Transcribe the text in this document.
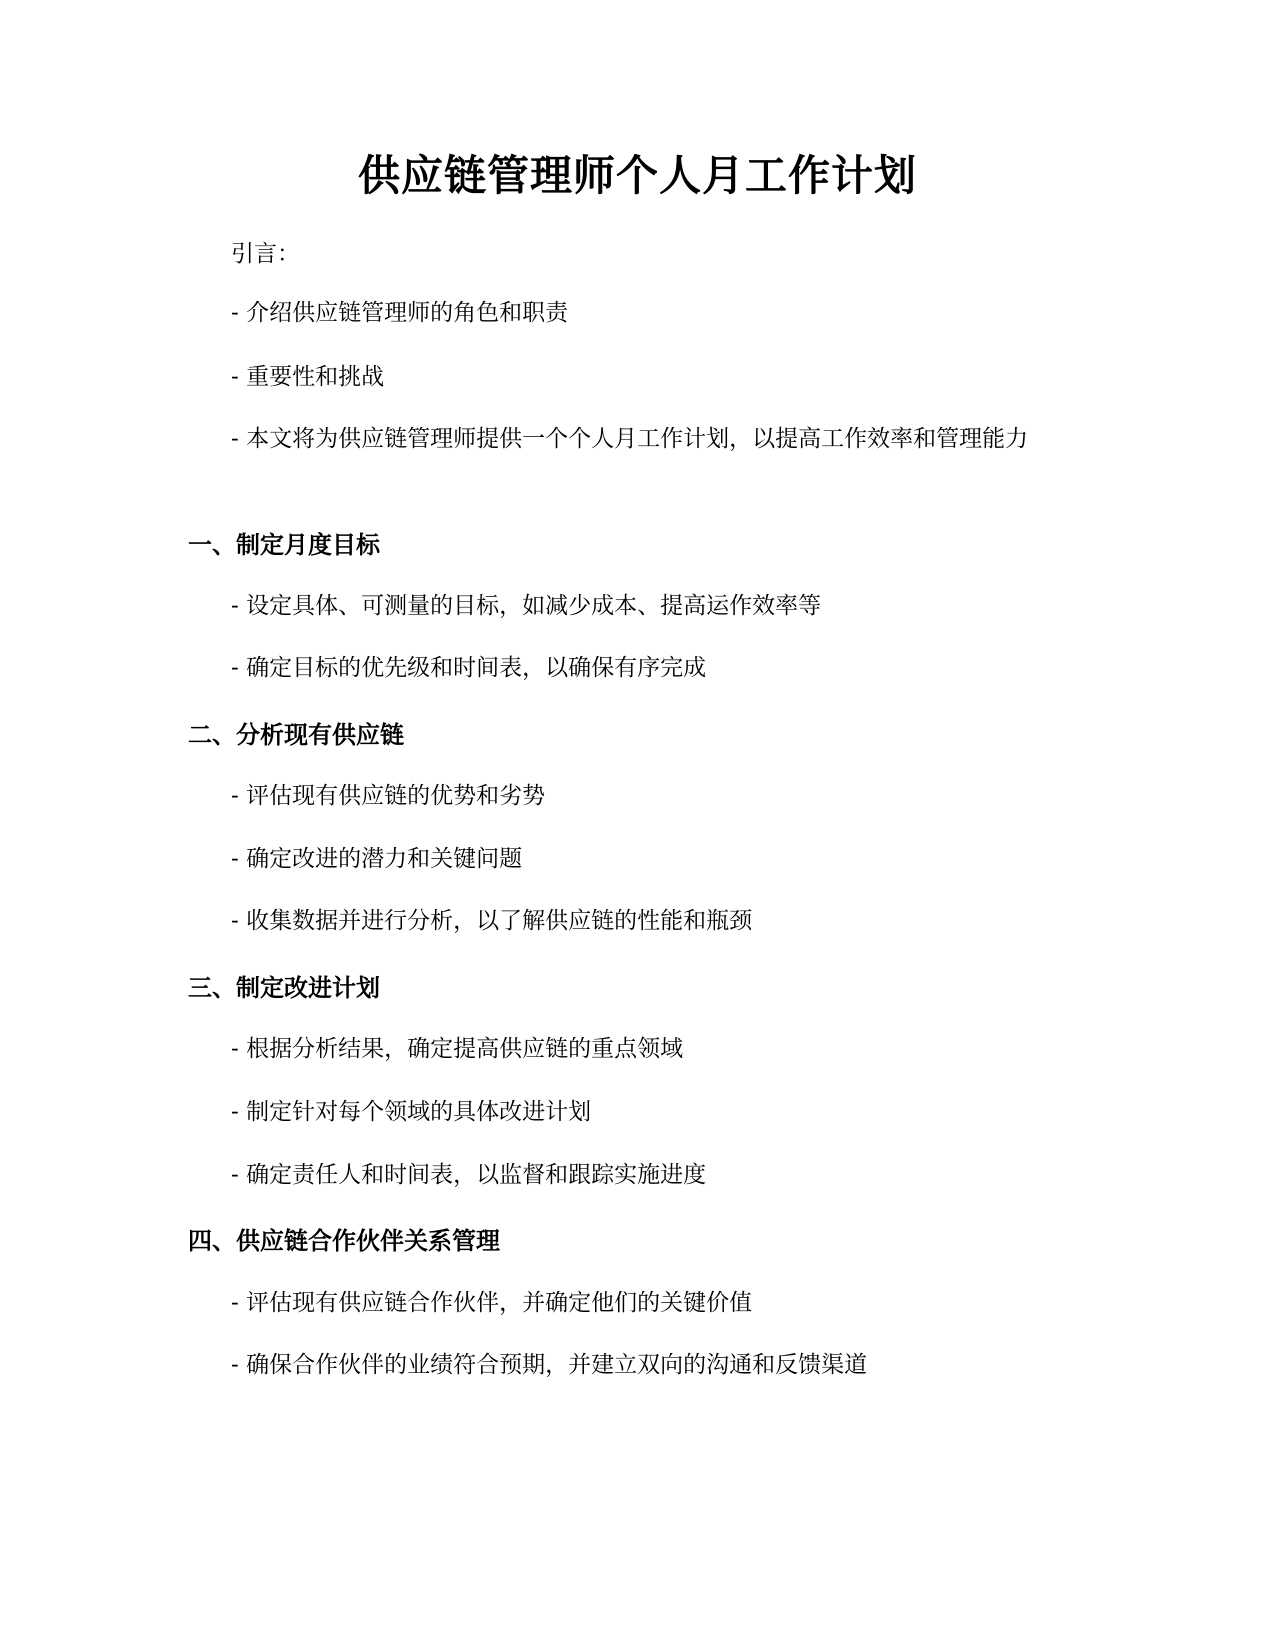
供应链管理师个人月工作计划

引言：

- 介绍供应链管理师的角色和职责

- 重要性和挑战

- 本文将为供应链管理师提供一个个人月工作计划，以提高工作效率和管理能力

一、制定月度目标

- 设定具体、可测量的目标，如减少成本、提高运作效率等

- 确定目标的优先级和时间表，以确保有序完成

二、分析现有供应链

- 评估现有供应链的优势和劣势

- 确定改进的潜力和关键问题

- 收集数据并进行分析，以了解供应链的性能和瓶颈

三、制定改进计划

- 根据分析结果，确定提高供应链的重点领域

- 制定针对每个领域的具体改进计划

- 确定责任人和时间表，以监督和跟踪实施进度

四、供应链合作伙伴关系管理

- 评估现有供应链合作伙伴，并确定他们的关键价值

- 确保合作伙伴的业绩符合预期，并建立双向的沟通和反馈渠道
